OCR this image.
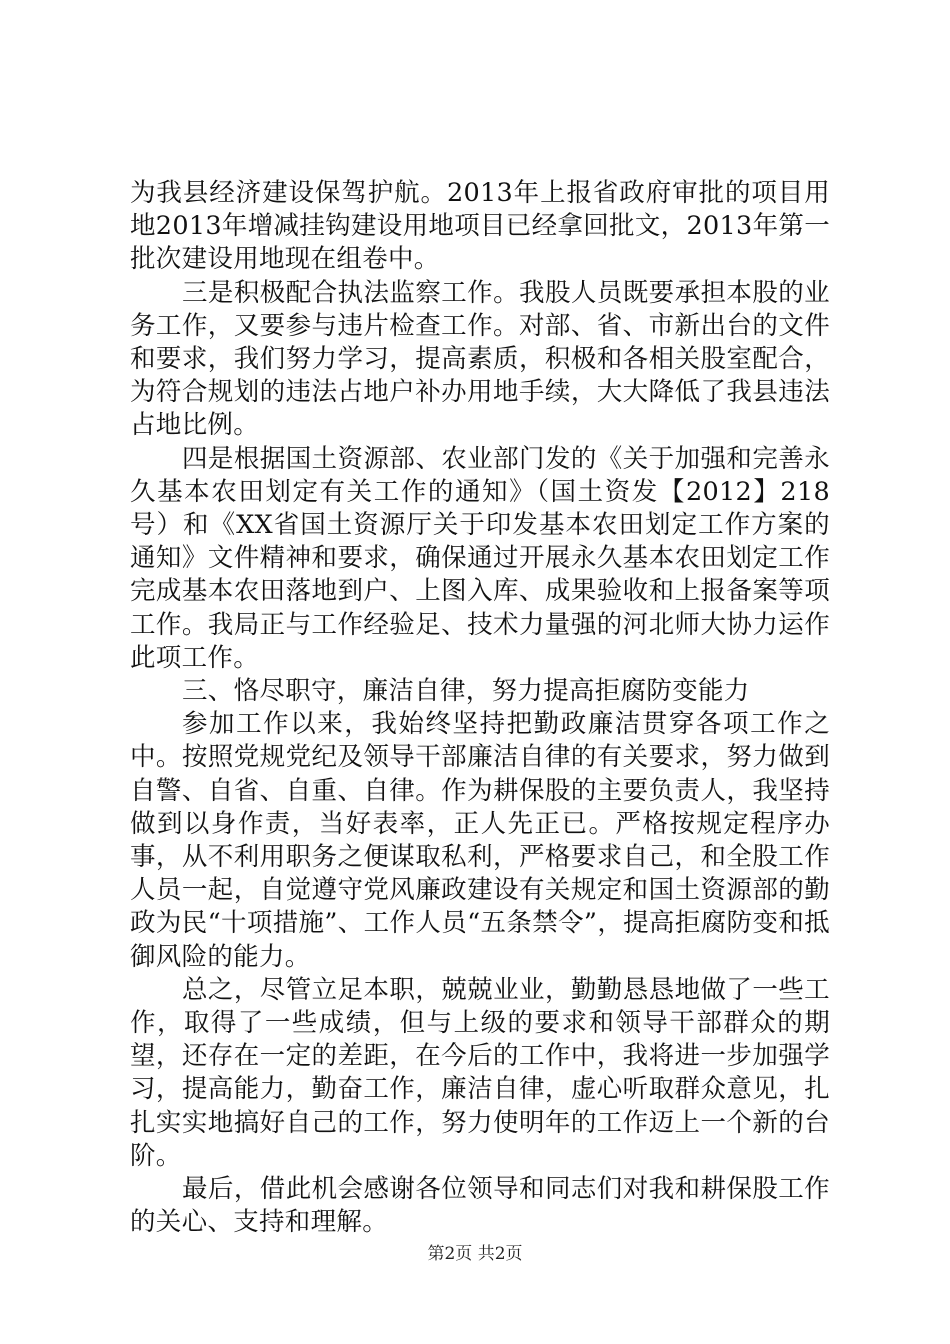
为我县经济建设保驾护航。2013年上报省政府审批的项目用地2013年增减挂钩建设用地项目已经拿回批文，2013年第一批次建设用地现在组卷中。

三是积极配合执法监察工作。我股人员既要承担本股的业务工作，又要参与违片检查工作。对部、省、市新出台的文件和要求，我们努力学习，提高素质，积极和各相关股室配合，为符合规划的违法占地户补办用地手续，大大降低了我县违法占地比例。

四是根据国土资源部、农业部门发的《关于加强和完善永久基本农田划定有关工作的通知》（国土资发【2012】218号）和《XX省国土资源厅关于印发基本农田划定工作方案的通知》文件精神和要求，确保通过开展永久基本农田划定工作完成基本农田落地到户、上图入库、成果验收和上报备案等项工作。我局正与工作经验足、技术力量强的河北师大协力运作此项工作。

三、恪尽职守，廉洁自律，努力提高拒腐防变能力

参加工作以来，我始终坚持把勤政廉洁贯穿各项工作之中。按照党规党纪及领导干部廉洁自律的有关要求，努力做到自警、自省、自重、自律。作为耕保股的主要负责人，我坚持做到以身作责，当好表率，正人先正已。严格按规定程序办事，从不利用职务之便谋取私利，严格要求自己，和全股工作人员一起，自觉遵守党风廉政建设有关规定和国土资源部的勤政为民“十项措施”、工作人员“五条禁令”，提高拒腐防变和抵御风险的能力。

总之，尽管立足本职，兢兢业业，勤勤恳恳地做了一些工作，取得了一些成绩，但与上级的要求和领导干部群众的期望，还存在一定的差距，在今后的工作中，我将进一步加强学习，提高能力，勤奋工作，廉洁自律，虚心听取群众意见，扎扎实实地搞好自己的工作，努力使明年的工作迈上一个新的台阶。

最后，借此机会感谢各位领导和同志们对我和耕保股工作的关心、支持和理解。

第2页 共2页
